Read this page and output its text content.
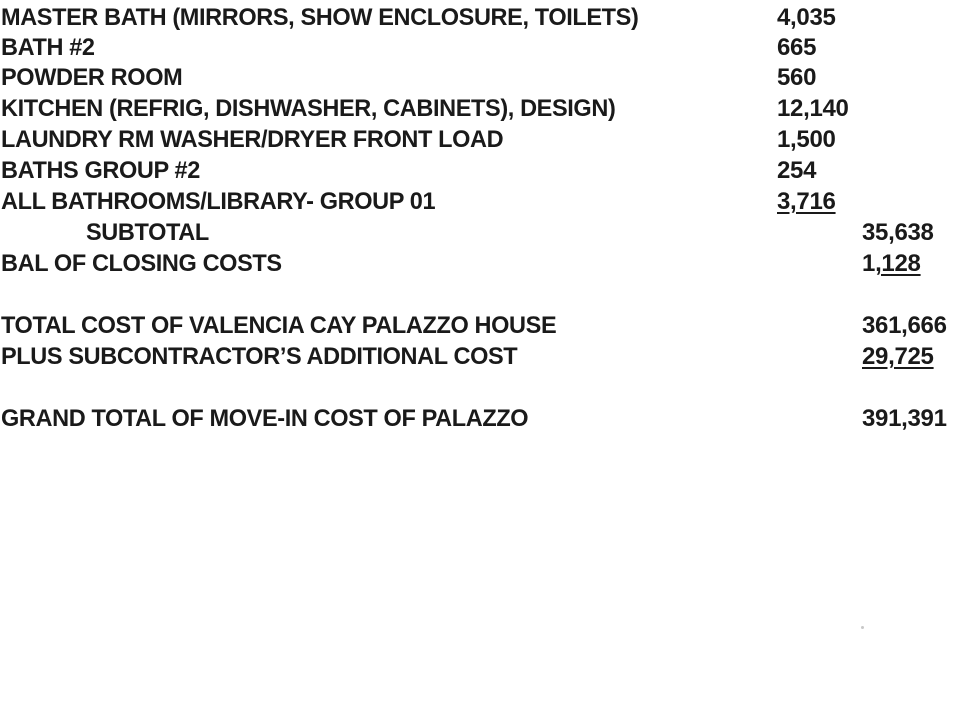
MASTER BATH (MIRRORS, SHOW ENCLOSURE, TOILETS)	4,035
BATH #2	665
POWDER ROOM	560
KITCHEN (REFRIG, DISHWASHER, CABINETS), DESIGN)	12,140
LAUNDRY RM WASHER/DRYER FRONT LOAD	1,500
BATHS GROUP #2	254
ALL BATHROOMS/LIBRARY- GROUP 01	3,716
SUBTOTAL	35,638
BAL OF CLOSING COSTS	1,128
TOTAL COST OF VALENCIA CAY PALAZZO HOUSE	361,666
PLUS SUBCONTRACTOR’S ADDITIONAL COST	29,725
GRAND TOTAL OF MOVE-IN COST OF PALAZZO	391,391
